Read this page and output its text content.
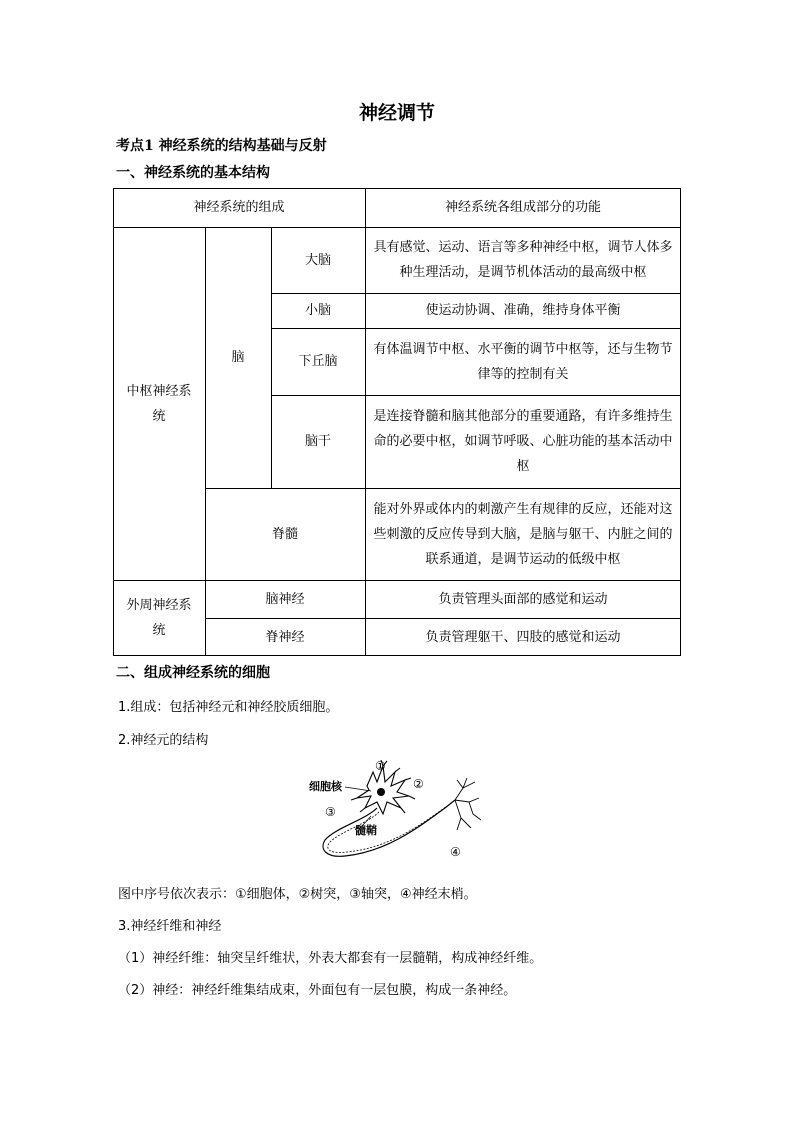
神经调节
考点1 神经系统的结构基础与反射
一、神经系统的基本结构
神经系统的组成	神经系统各组成部分的功能
中枢神经系统
脑
大脑
小脑
下丘脑
脑干
脊髓
外周神经系统
脑神经
脊神经
具有感觉、运动、语言等多种神经中枢，调节人体多种生理活动，是调节机体活动的最高级中枢
使运动协调、准确，维持身体平衡
有体温调节中枢、水平衡的调节中枢等，还与生物节律等的控制有关
是连接脊髓和脑其他部分的重要通路，有许多维持生命的必要中枢，如调节呼吸、心脏功能的基本活动中枢
能对外界或体内的刺激产生有规律的反应，还能对这些刺激的反应传导到大脑，是脑与躯干、内脏之间的联系通道，是调节运动的低级中枢
负责管理头面部的感觉和运动
负责管理躯干、四肢的感觉和运动
二、组成神经系统的细胞
1.组成：包括神经元和神经胶质细胞。
2.神经元的结构
细胞核
髓鞘
①
②
③
④
图中序号依次表示：①细胞体，②树突，③轴突，④神经末梢。
3.神经纤维和神经
（1）神经纤维：轴突呈纤维状，外表大都套有一层髓鞘，构成神经纤维。
（2）神经：神经纤维集结成束，外面包有一层包膜，构成一条神经。
